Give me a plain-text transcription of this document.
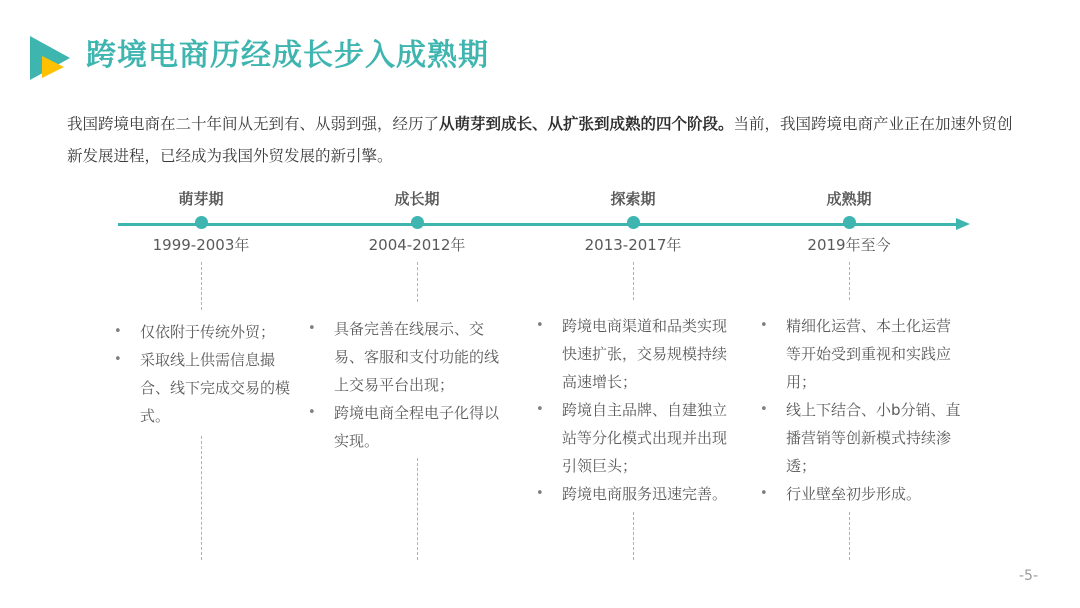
跨境电商历经成长步入成熟期
我国跨境电商在二十年间从无到有、从弱到强，经历了从萌芽到成长、从扩张到成熟的四个阶段。当前，我国跨境电商产业正在加速外贸创新发展进程，已经成为我国外贸发展的新引擎。
萌芽期
1999-2003年
成长期
2004-2012年
探索期
2013-2017年
成熟期
2019年至今
• 仅依附于传统外贸；
• 采取线上供需信息撮合、线下完成交易的模式。
• 具备完善在线展示、交易、客服和支付功能的线上交易平台出现；
• 跨境电商全程电子化得以实现。
• 跨境电商渠道和品类实现快速扩张，交易规模持续高速增长；
• 跨境自主品牌、自建独立站等分化模式出现并出现引领巨头；
• 跨境电商服务迅速完善。
• 精细化运营、本土化运营等开始受到重视和实践应用；
• 线上下结合、小b分销、直播营销等创新模式持续渗透；
• 行业壁垒初步形成。
-5-
